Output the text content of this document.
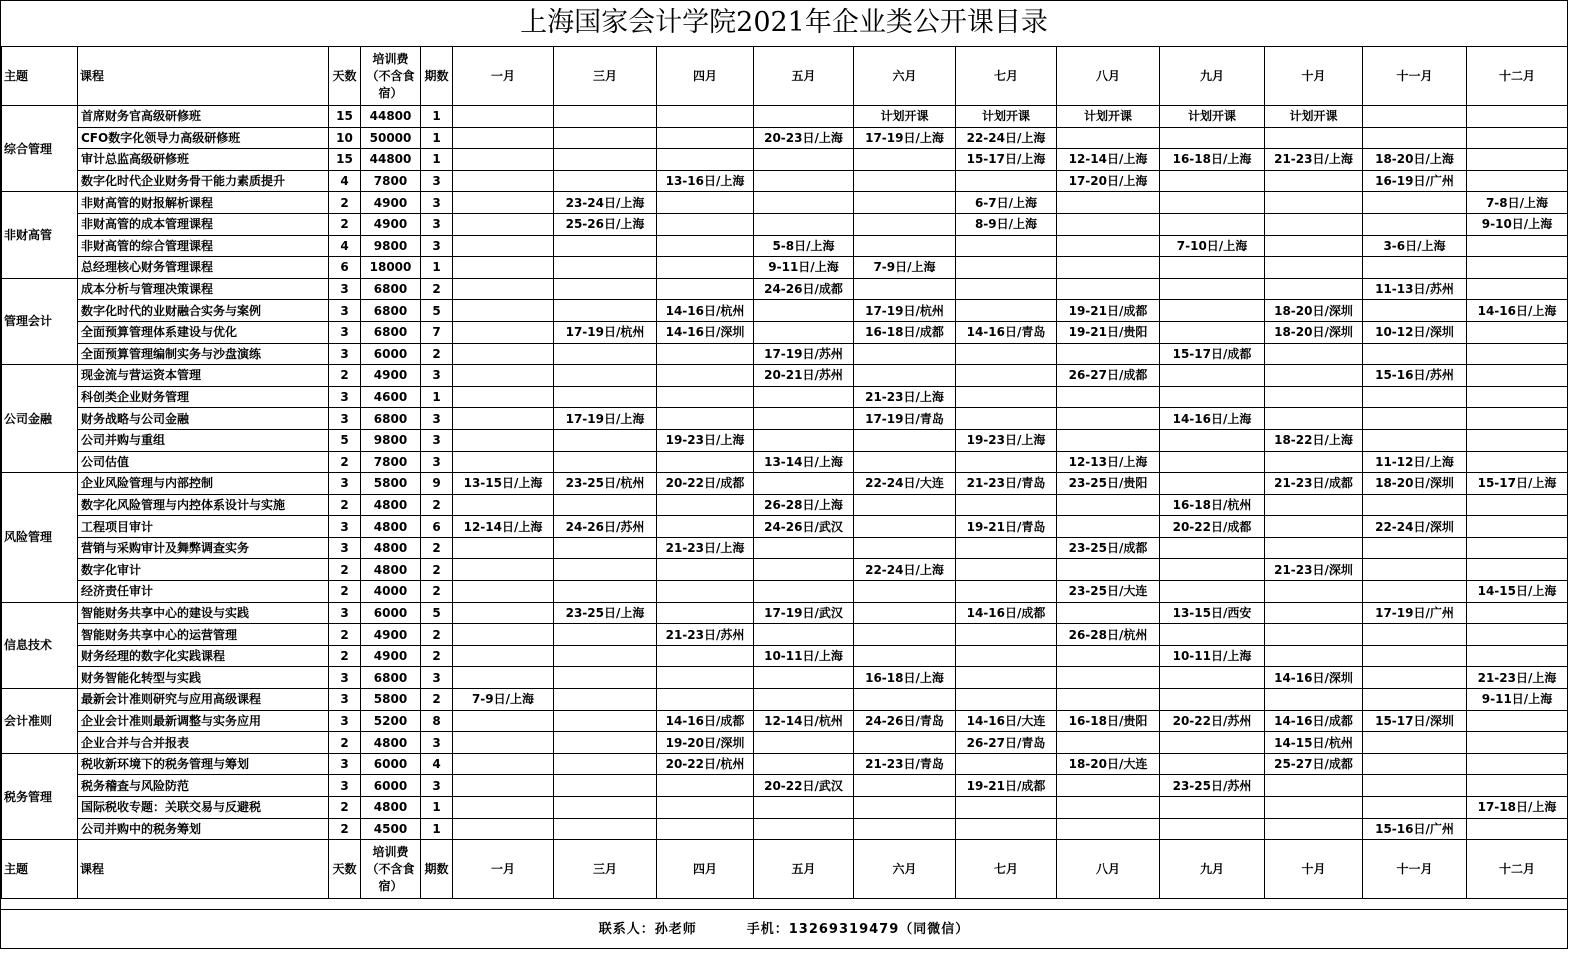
上海国家会计学院2021年企业类公开课目录
主题	课程	天数	培训费（不含食宿）	期数	一月	三月	四月	五月	六月	七月	八月	九月	十月	十一月	十二月
综合管理	首席财务官高级研修班	15	44800	1					计划开课	计划开课	计划开课	计划开课	计划开课		
	CFO数字化领导力高级研修班	10	50000	1				20-23日/上海	17-19日/上海	22-24日/上海					
	审计总监高级研修班	15	44800	1						15-17日/上海	12-14日/上海	16-18日/上海	21-23日/上海	18-20日/上海	
	数字化时代企业财务骨干能力素质提升	4	7800	3			13-16日/上海				17-20日/上海			16-19日/广州	
非财高管	非财高管的财报解析课程	2	4900	3		23-24日/上海				6-7日/上海					7-8日/上海
	非财高管的成本管理课程	2	4900	3		25-26日/上海				8-9日/上海					9-10日/上海
	非财高管的综合管理课程	4	9800	3				5-8日/上海				7-10日/上海		3-6日/上海	
	总经理核心财务管理课程	6	18000	1				9-11日/上海	7-9日/上海						
管理会计	成本分析与管理决策课程	3	6800	2				24-26日/成都						11-13日/苏州	
	数字化时代的业财融合实务与案例	3	6800	5			14-16日/杭州		17-19日/杭州		19-21日/成都		18-20日/深圳		14-16日/上海
	全面预算管理体系建设与优化	3	6800	7		17-19日/杭州	14-16日/深圳		16-18日/成都	14-16日/青岛	19-21日/贵阳		18-20日/深圳	10-12日/深圳	
	全面预算管理编制实务与沙盘演练	3	6000	2				17-19日/苏州				15-17日/成都			
公司金融	现金流与营运资本管理	2	4900	3				20-21日/苏州			26-27日/成都			15-16日/苏州	
	科创类企业财务管理	3	4600	1					21-23日/上海						
	财务战略与公司金融	3	6800	3		17-19日/上海			17-19日/青岛			14-16日/上海			
	公司并购与重组	5	9800	3			19-23日/上海			19-23日/上海			18-22日/上海		
	公司估值	2	7800	3				13-14日/上海			12-13日/上海			11-12日/上海	
风险管理	企业风险管理与内部控制	3	5800	9	13-15日/上海	23-25日/杭州	20-22日/成都		22-24日/大连	21-23日/青岛	23-25日/贵阳		21-23日/成都	18-20日/深圳	15-17日/上海
	数字化风险管理与内控体系设计与实施	2	4800	2				26-28日/上海				16-18日/杭州			
	工程项目审计	3	4800	6	12-14日/上海	24-26日/苏州		24-26日/武汉		19-21日/青岛		20-22日/成都		22-24日/深圳	
	营销与采购审计及舞弊调查实务	3	4800	2			21-23日/上海				23-25日/成都				
	数字化审计	2	4800	2					22-24日/上海				21-23日/深圳		
	经济责任审计	2	4000	2							23-25日/大连				14-15日/上海
信息技术	智能财务共享中心的建设与实践	3	6000	5		23-25日/上海		17-19日/武汉		14-16日/成都		13-15日/西安		17-19日/广州	
	智能财务共享中心的运营管理	2	4900	2			21-23日/苏州				26-28日/杭州				
	财务经理的数字化实践课程	2	4900	2				10-11日/上海				10-11日/上海			
	财务智能化转型与实践	3	6800	3					16-18日/上海				14-16日/深圳		21-23日/上海
会计准则	最新会计准则研究与应用高级课程	3	5800	2	7-9日/上海										9-11日/上海
	企业会计准则最新调整与实务应用	3	5200	8			14-16日/成都	12-14日/杭州	24-26日/青岛	14-16日/大连	16-18日/贵阳	20-22日/苏州	14-16日/成都	15-17日/深圳	
	企业合并与合并报表	2	4800	3			19-20日/深圳			26-27日/青岛			14-15日/杭州		
税务管理	税收新环境下的税务管理与筹划	3	6000	4			20-22日/杭州		21-23日/青岛		18-20日/大连		25-27日/成都		
	税务稽查与风险防范	3	6000	3				20-22日/武汉		19-21日/成都		23-25日/苏州			
	国际税收专题：关联交易与反避税	2	4800	1											17-18日/上海
	公司并购中的税务筹划	2	4500	1										15-16日/广州	
主题	课程	天数	培训费（不含食宿）	期数	一月	三月	四月	五月	六月	七月	八月	九月	十月	十一月	十二月
联系人：孙老师	手机：13269319479（同微信）
